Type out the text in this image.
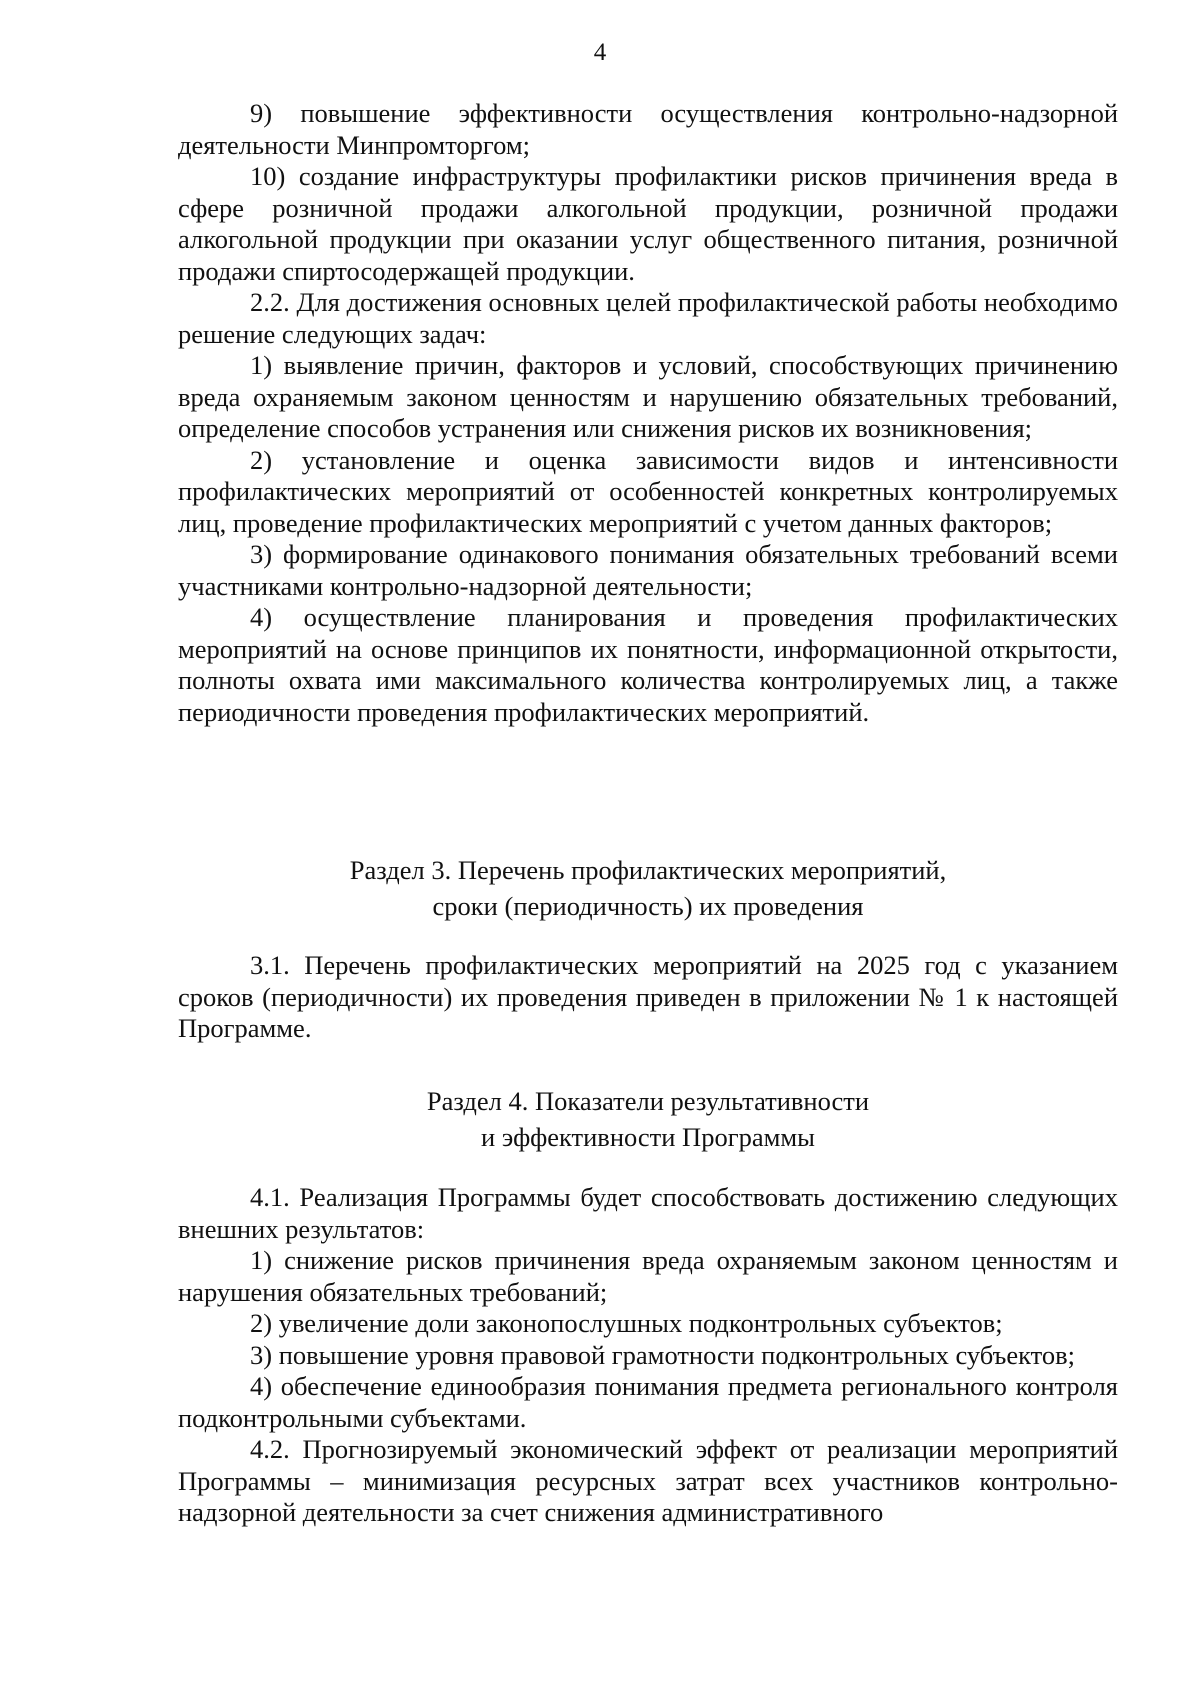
4

9) повышение эффективности осуществления контрольно-надзорной деятельности Минпромторгом;

10) создание инфраструктуры профилактики рисков причинения вреда в сфере розничной продажи алкогольной продукции, розничной продажи алкогольной продукции при оказании услуг общественного питания, розничной продажи спиртосодержащей продукции.

2.2. Для достижения основных целей профилактической работы необходимо решение следующих задач:

1) выявление причин, факторов и условий, способствующих причинению вреда охраняемым законом ценностям и нарушению обязательных требований, определение способов устранения или снижения рисков их возникновения;

2) установление и оценка зависимости видов и интенсивности профилактических мероприятий от особенностей конкретных контролируемых лиц, проведение профилактических мероприятий с учетом данных факторов;

3) формирование одинакового понимания обязательных требований всеми участниками контрольно-надзорной деятельности;

4) осуществление планирования и проведения профилактических мероприятий на основе принципов их понятности, информационной открытости, полноты охвата ими максимального количества контролируемых лиц, а также периодичности проведения профилактических мероприятий.

Раздел 3. Перечень профилактических мероприятий,
сроки (периодичность) их проведения

3.1. Перечень профилактических мероприятий на 2025 год с указанием сроков (периодичности) их проведения приведен в приложении № 1 к настоящей Программе.

Раздел 4. Показатели результативности
и эффективности Программы

4.1. Реализация Программы будет способствовать достижению следующих внешних результатов:

1) снижение рисков причинения вреда охраняемым законом ценностям и нарушения обязательных требований;

2) увеличение доли законопослушных подконтрольных субъектов;

3) повышение уровня правовой грамотности подконтрольных субъектов;

4) обеспечение единообразия понимания предмета регионального контроля подконтрольными субъектами.

4.2. Прогнозируемый экономический эффект от реализации мероприятий Программы – минимизация ресурсных затрат всех участников контрольно-надзорной деятельности за счет снижения административного
